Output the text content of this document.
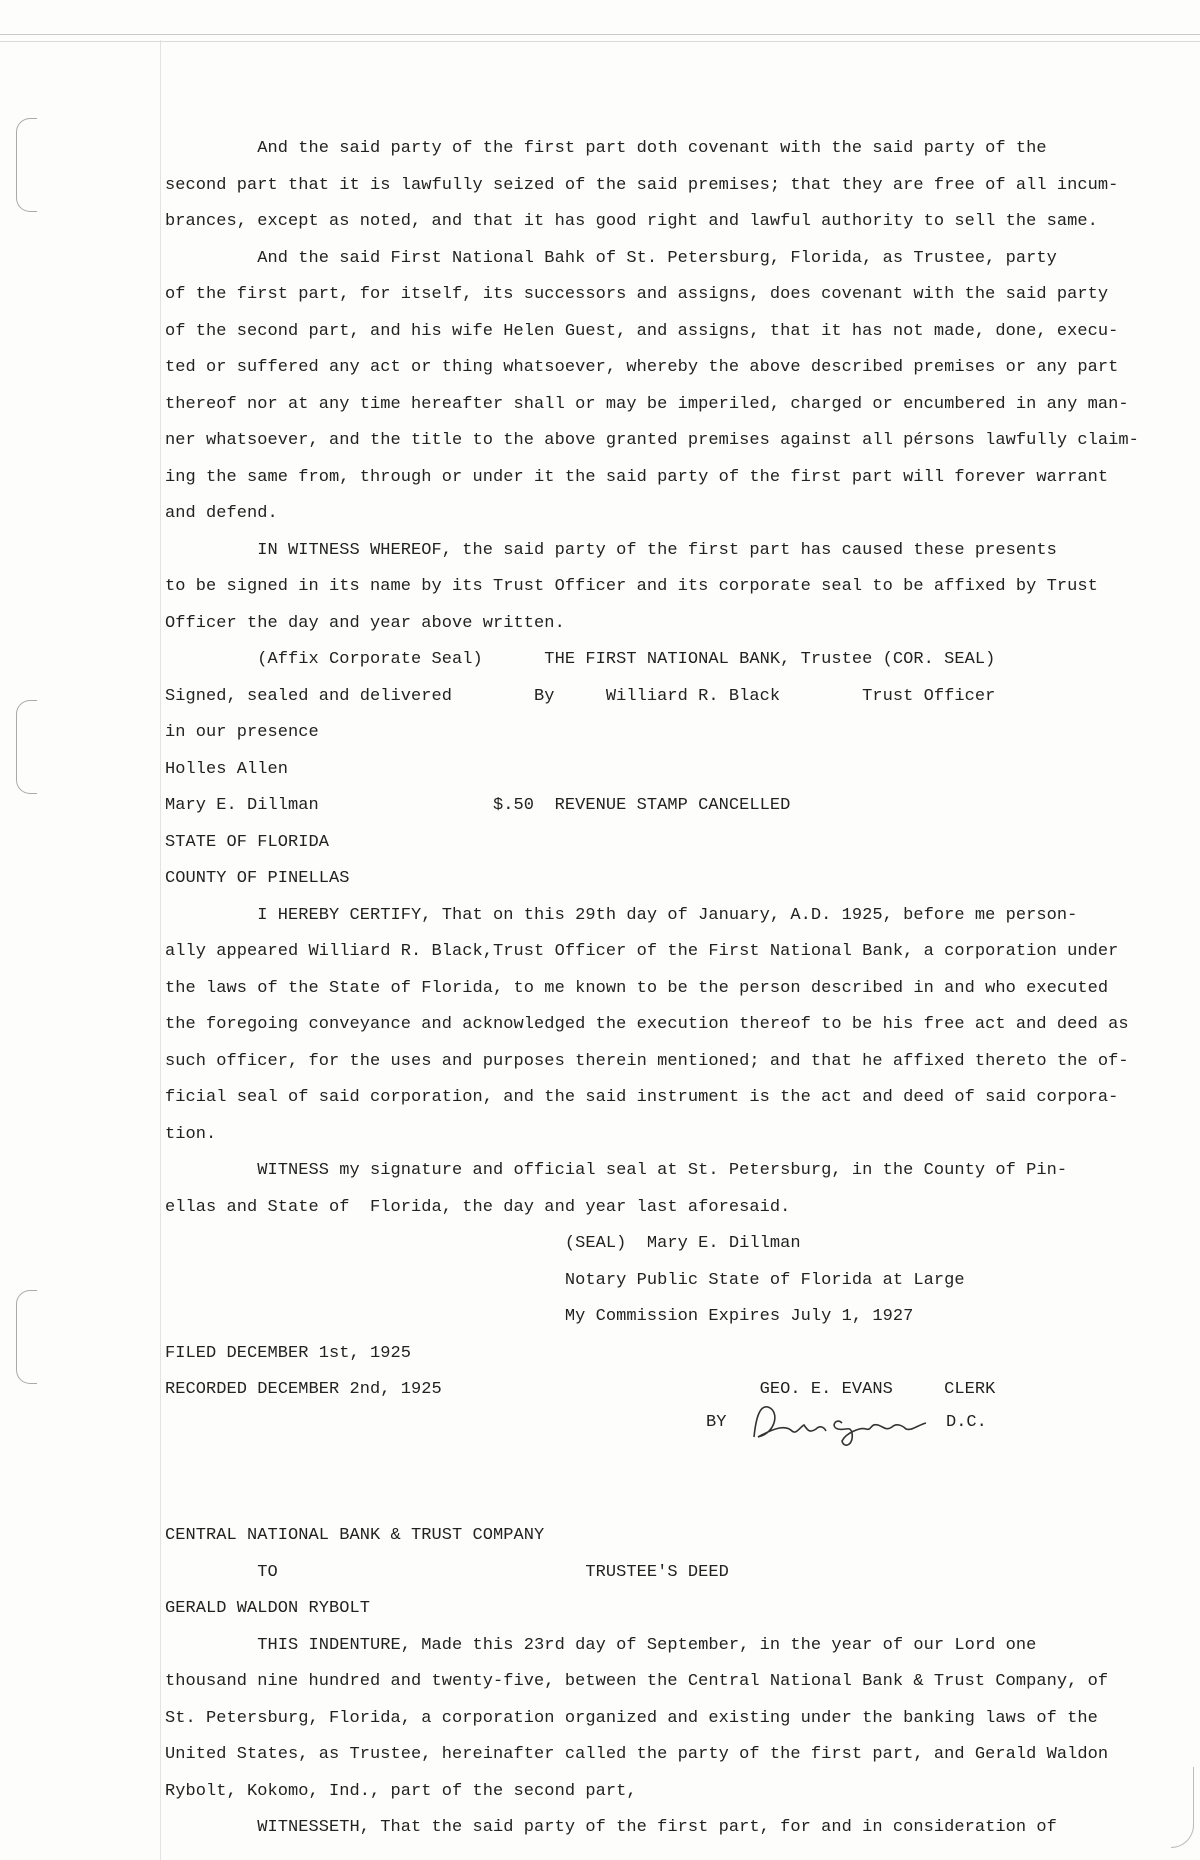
And the said party of the first part doth covenant with the said party of the
second part that it is lawfully seized of the said premises; that they are free of all incum-
brances, except as noted, and that it has good right and lawful authority to sell the same.
And the said First National Bahk of St. Petersburg, Florida, as Trustee, party
of the first part, for itself, its successors and assigns, does covenant with the said party
of the second part, and his wife Helen Guest, and assigns, that it has not made, done, execu-
ted or suffered any act or thing whatsoever, whereby the above described premises or any part
thereof nor at any time hereafter shall or may be imperiled, charged or encumbered in any man-
ner whatsoever, and the title to the above granted premises against all pérsons lawfully claim-
ing the same from, through or under it the said party of the first part will forever warrant
and defend.
IN WITNESS WHEREOF, the said party of the first part has caused these presents
to be signed in its name by its Trust Officer and its corporate seal to be affixed by Trust
Officer the day and year above written.
(Affix Corporate Seal)      THE FIRST NATIONAL BANK, Trustee (COR. SEAL)
Signed, sealed and delivered        By     Williard R. Black        Trust Officer
in our presence
Holles Allen
Mary E. Dillman                 $.50  REVENUE STAMP CANCELLED
STATE OF FLORIDA
COUNTY OF PINELLAS
I HEREBY CERTIFY, That on this 29th day of January, A.D. 1925, before me person-
ally appeared Williard R. Black,Trust Officer of the First National Bank, a corporation under
the laws of the State of Florida, to me known to be the person described in and who executed
the foregoing conveyance and acknowledged the execution thereof to be his free act and deed as
such officer, for the uses and purposes therein mentioned; and that he affixed thereto the of-
ficial seal of said corporation, and the said instrument is the act and deed of said corpora-
tion.
WITNESS my signature and official seal at St. Petersburg, in the County of Pin-
ellas and State of  Florida, the day and year last aforesaid.
(SEAL)  Mary E. Dillman
Notary Public State of Florida at Large
My Commission Expires July 1, 1927
FILED DECEMBER 1st, 1925
RECORDED DECEMBER 2nd, 1925                               GEO. E. EVANS     CLERK
CENTRAL NATIONAL BANK & TRUST COMPANY
TO                              TRUSTEE'S DEED
GERALD WALDON RYBOLT
THIS INDENTURE, Made this 23rd day of September, in the year of our Lord one
thousand nine hundred and twenty-five, between the Central National Bank & Trust Company, of
St. Petersburg, Florida, a corporation organized and existing under the banking laws of the
United States, as Trustee, hereinafter called the party of the first part, and Gerald Waldon
Rybolt, Kokomo, Ind., part of the second part,
WITNESSETH, That the said party of the first part, for and in consideration of
BY	D.C.
